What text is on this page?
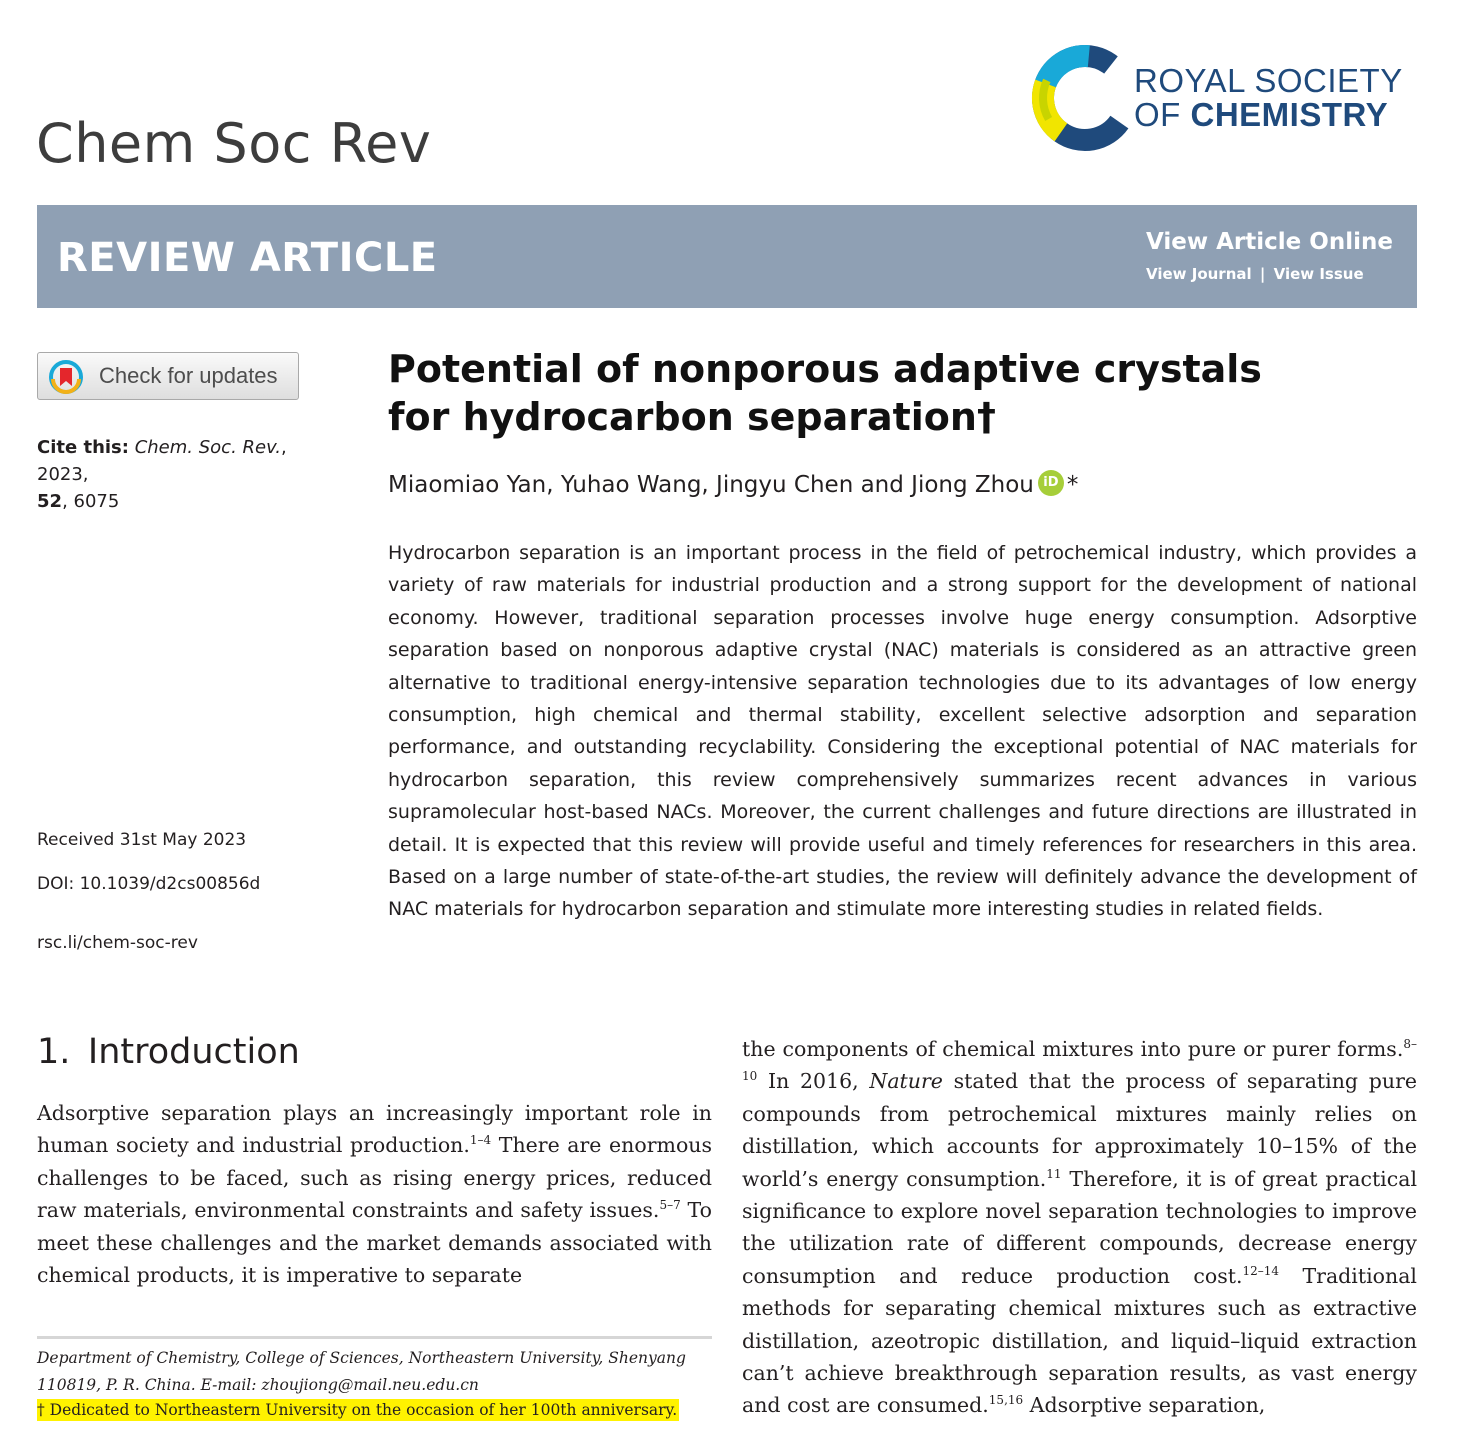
Chem Soc Rev
ROYAL SOCIETY
OF CHEMISTRY
REVIEW ARTICLE	View Article Online
View Journal | View Issue
Check for updates
Cite this: Chem. Soc. Rev., 2023,
52, 6075
Received 31st May 2023
DOI: 10.1039/d2cs00856d
rsc.li/chem-soc-rev
Potential of nonporous adaptive crystals
for hydrocarbon separation†
Miaomiao Yan, Yuhao Wang, Jingyu Chen and Jiong Zhou iD *
Hydrocarbon separation is an important process in the field of petrochemical industry, which provides a variety of raw materials for industrial production and a strong support for the development of national economy. However, traditional separation processes involve huge energy consumption. Adsorptive separation based on nonporous adaptive crystal (NAC) materials is considered as an attractive green alternative to traditional energy-intensive separation technologies due to its advantages of low energy consumption, high chemical and thermal stability, excellent selective adsorption and separation performance, and outstanding recyclability. Considering the exceptional potential of NAC materials for hydrocarbon separation, this review comprehensively summarizes recent advances in various supramolecular host-based NACs. Moreover, the current challenges and future directions are illustrated in detail. It is expected that this review will provide useful and timely references for researchers in this area. Based on a large number of state-of-the-art studies, the review will definitely advance the development of NAC materials for hydrocarbon separation and stimulate more interesting studies in related fields.
1. Introduction
Adsorptive separation plays an increasingly important role in human society and industrial production.$^{1-4}$ There are enormous challenges to be faced, such as rising energy prices, reduced raw materials, environmental constraints and safety issues.$^{5-7}$ To meet these challenges and the market demands associated with chemical products, it is imperative to separate
the components of chemical mixtures into pure or purer forms.$^{8-10}$ In 2016, Nature stated that the process of separating pure compounds from petrochemical mixtures mainly relies on distillation, which accounts for approximately 10–15% of the world’s energy consumption.$^{11}$ Therefore, it is of great practical significance to explore novel separation technologies to improve the utilization rate of different compounds, decrease energy consumption and reduce production cost.$^{12-14}$ Traditional methods for separating chemical mixtures such as extractive distillation, azeotropic distillation, and liquid–liquid extraction can’t achieve breakthrough separation results, as vast energy and cost are consumed.$^{15,16}$ Adsorptive separation,
Department of Chemistry, College of Sciences, Northeastern University, Shenyang 110819, P. R. China. E-mail: zhoujiong@mail.neu.edu.cn
† Dedicated to Northeastern University on the occasion of her 100th anniversary.
